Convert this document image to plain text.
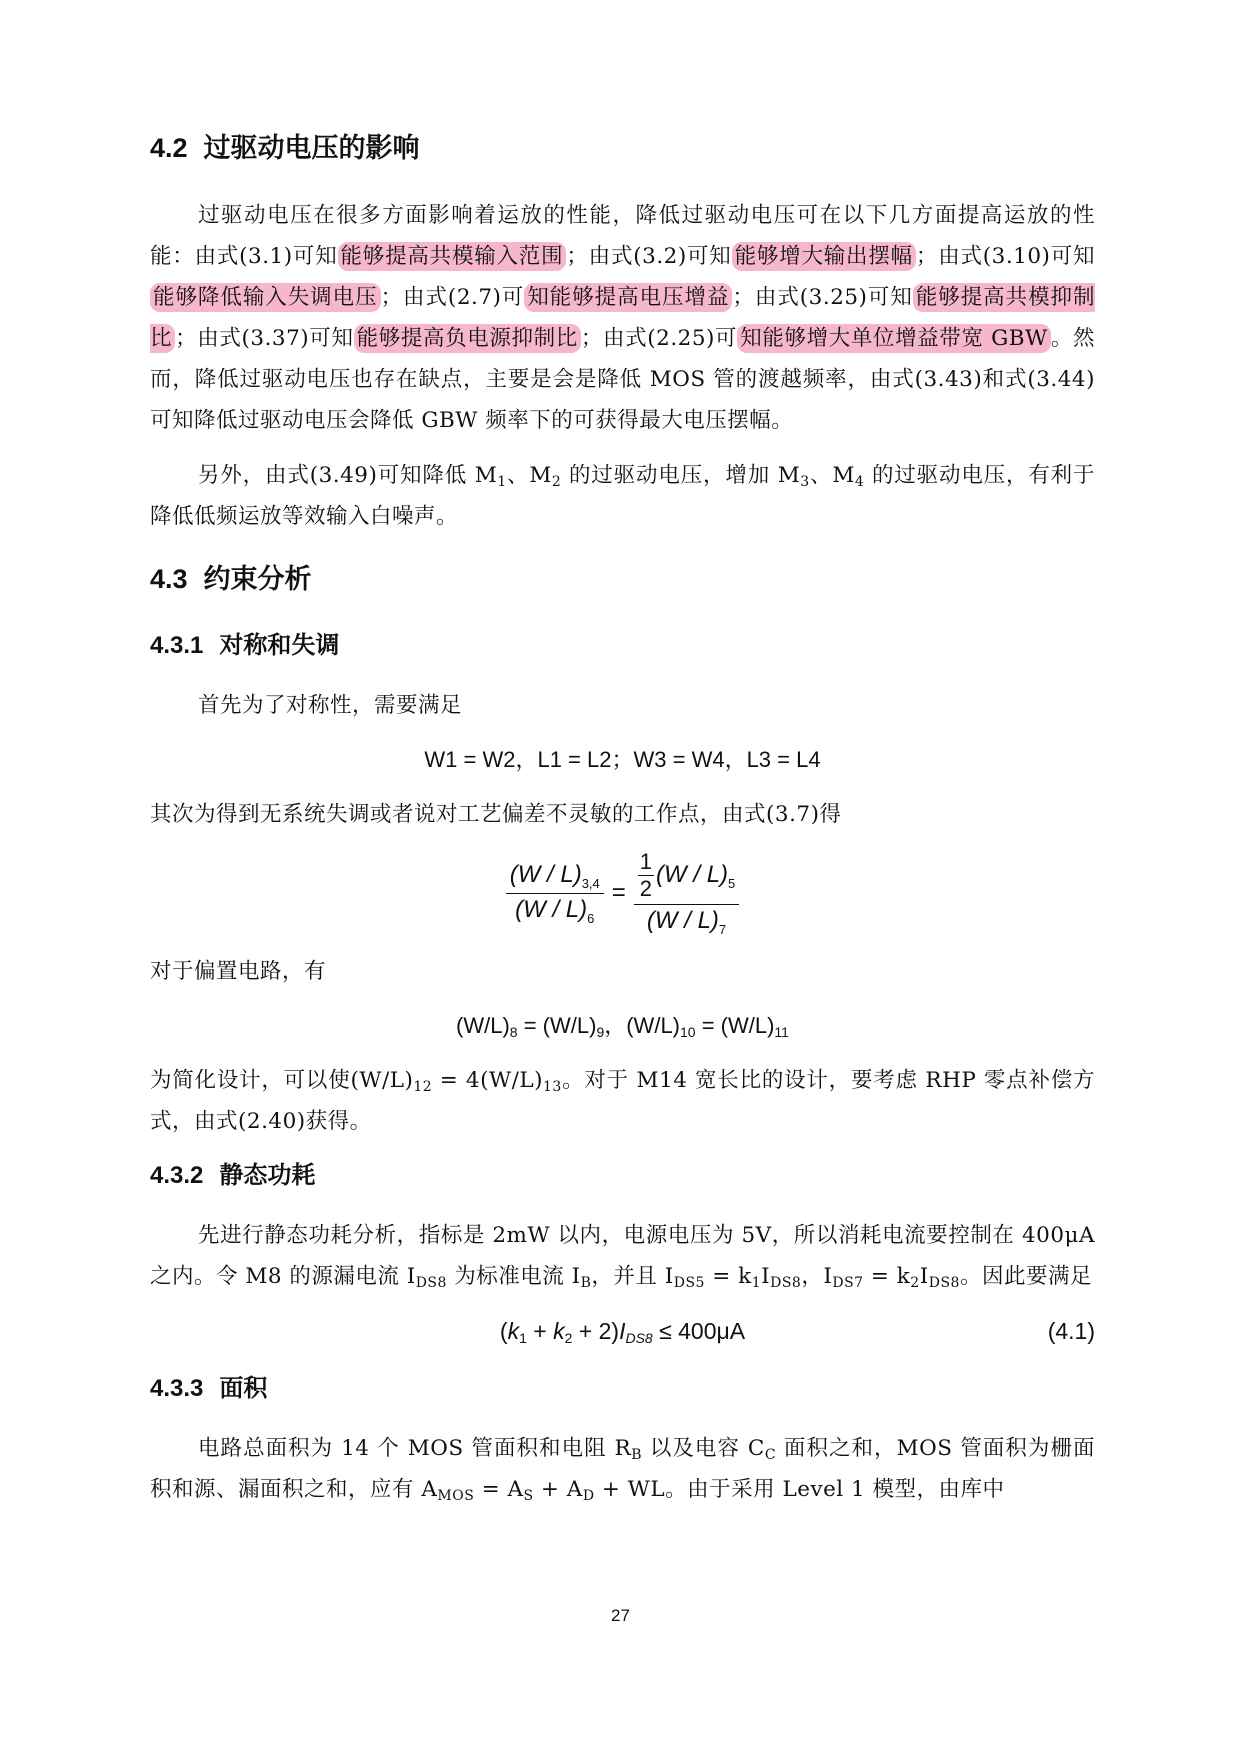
4.2 过驱动电压的影响

过驱动电压在很多方面影响着运放的性能，降低过驱动电压可在以下几方面提高运放的性能：由式(3.1)可知 能够提高共模输入范围 ；由式(3.2)可知 能够增大输出摆幅 ；由式(3.10)可知能够降低输入失调电压 ；由式(2.7)可 知能够提高电压增益 ；由式(3.25)可知 能够提高共模抑制比 ；由式(3.37)可知 能够提高负电源抑制比 ；由式(2.25)可 知能够增大单位增益带宽 GBW 。然而，降低过驱动电压也存在缺点，主要是会是降低 MOS 管的渡越频率，由式(3.43)和式(3.44)可知降低过驱动电压会降低 GBW 频率下的可获得最大电压摆幅。

另外，由式(3.49)可知降低 $M_1$、$M_2$ 的过驱动电压，增加 $M_3$、$M_4$ 的过驱动电压，有利于降低低频运放等效输入白噪声。

4.3 约束分析
4.3.1 对称和失调

首先为了对称性，需要满足

W1 = W2，L1 = L2；W3 = W4，L3 = L4

其次为得到无系统失调或者说对工艺偏差不灵敏的工作点，由式(3.7)得

$\frac{(W / L)_{3,4}}{(W / L)_6} = \frac{\frac{1}{2} (W / L)_5}{(W / L)_7}$

对于偏置电路，有

$(W/L)_8 = (W/L)_9$，$(W/L)_{10} = (W/L)_{11}$

为简化设计，可以使$(W/L)_{12} = 4(W/L)_{13}$。对于 M14 宽长比的设计，要考虑 RHP 零点补偿方式，由式(2.40)获得。

4.3.2 静态功耗

先进行静态功耗分析，指标是 2mW 以内，电源电压为 5V，所以消耗电流要控制在 400μA 之内。令 M8 的源漏电流 $I_{DS8}$ 为标准电流 $I_B$，并且 $I_{DS5} = k_1I_{DS8}$，$I_{DS7} = k_2I_{DS8}$。因此要满足

$(k_1 + k_2 + 2)I_{DS8} \le 400\mu A$	(4.1)
4.3.3 面积

电路总面积为 14 个 MOS 管面积和电阻 $R_B$ 以及电容 $C_C$ 面积之和，MOS 管面积为栅面积和源、漏面积之和，应有 $A_{MOS} = A_S + A_D$ + WL。由于采用 Level 1 模型，由库中

27
